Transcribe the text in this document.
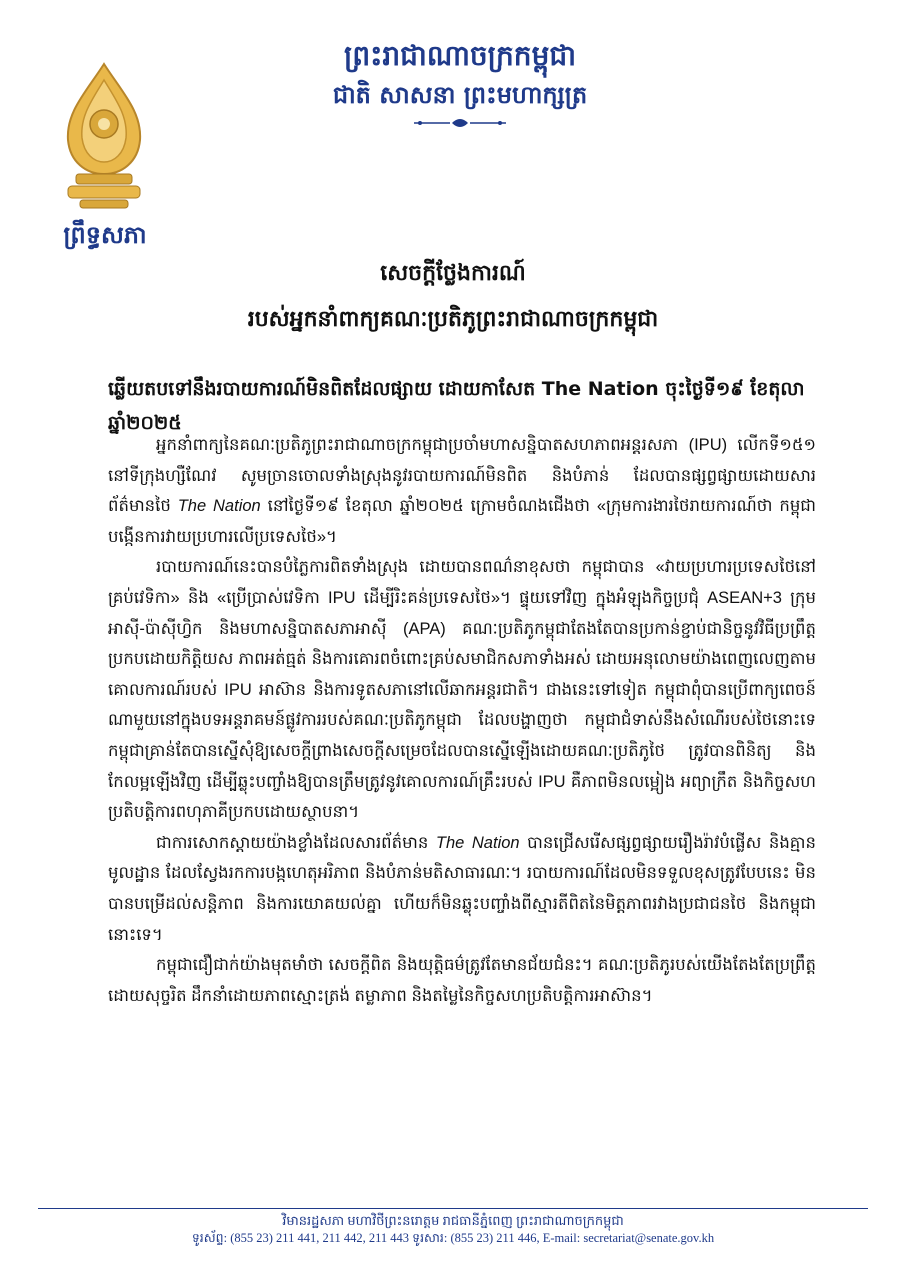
ព្រឹទ្ធសភា
ព្រះរាជាណាចក្រកម្ពុជា
ជាតិ សាសនា ព្រះមហាក្សត្រ
សេចក្តីថ្លែងការណ៍
របស់អ្នកនាំពាក្យគណៈប្រតិភូព្រះរាជាណាចក្រកម្ពុជា
ឆ្លើយតបទៅនឹងរបាយការណ៍មិនពិតដែលផ្សាយ ដោយកាសែត The Nation ចុះថ្ងៃទី១៩ ខែតុលា ឆ្នាំ២០២៥

អ្នកនាំពាក្យនៃគណៈប្រតិភូព្រះរាជាណាចក្រកម្ពុជាប្រចាំមហាសន្និបាតសហភាពអន្តរសភា (IPU) លើកទី១៥១ នៅទីក្រុងហ្សឺណែវ សូមច្រានចោលទាំងស្រុងនូវរបាយការណ៍មិនពិត និងបំភាន់ ដែលបានផ្សព្វផ្សាយដោយសារព័ត៌មានថៃ The Nation នៅថ្ងៃទី១៩ ខែតុលា ឆ្នាំ២០២៥ ក្រោមចំណងជើងថា «ក្រុមការងារថៃរាយការណ៍ថា កម្ពុជាបង្កើនការវាយប្រហារលើប្រទេសថៃ»។

របាយការណ៍នេះបានបំភ្លៃការពិតទាំងស្រុង ដោយបានពណ៌នាខុសថា កម្ពុជាបាន «វាយប្រហារប្រទេសថៃនៅគ្រប់វេទិកា» និង «ប្រើប្រាស់វេទិកា IPU ដើម្បីរិះគន់ប្រទេសថៃ»។ ផ្ទុយទៅវិញ ក្នុងអំឡុងកិច្ចប្រជុំ ASEAN+3 ក្រុមអាស៊ី-ប៉ាស៊ីហ្វិក និងមហាសន្និបាតសភាអាស៊ី (APA) គណៈប្រតិភូកម្ពុជាតែងតែបានប្រកាន់ខ្ជាប់ជានិច្ចនូវវិធីប្រព្រឹត្តប្រកបដោយកិត្តិយស ភាពអត់ធ្មត់ និងការគោរពចំពោះគ្រប់សមាជិកសភាទាំងអស់ ដោយអនុលោមយ៉ាងពេញលេញតាមគោលការណ៍របស់ IPU អាស៊ាន និងការទូតសភានៅលើឆាកអន្តរជាតិ។ ជាងនេះទៅទៀត កម្ពុជាពុំបានប្រើពាក្យពេចន៍ណាមួយនៅក្នុងបទអន្តរាគមន៍ផ្លូវការរបស់គណៈប្រតិភូកម្ពុជា ដែលបង្ហាញថា កម្ពុជាជំទាស់នឹងសំណើរបស់ថៃនោះទេ កម្ពុជាគ្រាន់តែបានស្នើសុំឱ្យសេចក្តីព្រាងសេចក្តីសម្រេចដែលបានស្នើឡើងដោយគណៈប្រតិភូថៃ ត្រូវបានពិនិត្យ និងកែលម្អឡើងវិញ ដើម្បីឆ្លុះបញ្ចាំងឱ្យបានត្រឹមត្រូវនូវគោលការណ៍គ្រឹះរបស់ IPU គឺភាពមិនលម្អៀង អព្យាក្រឹត និងកិច្ចសហប្រតិបត្តិការពហុភាគីប្រកបដោយស្ថាបនា។

ជាការសោកស្តាយយ៉ាងខ្លាំងដែលសារព័ត៌មាន The Nation បានជ្រើសរើសផ្សព្វផ្សាយរឿងរ៉ាវបំផ្លើស និងគ្មានមូលដ្ឋាន ដែលស្វែងរកការបង្កហេតុអរិភាព និងបំភាន់មតិសាធារណៈ។ របាយការណ៍ដែលមិនទទួលខុសត្រូវបែបនេះ មិនបានបម្រើដល់សន្តិភាព និងការយោគយល់គ្នា ហើយក៏មិនឆ្លុះបញ្ចាំងពីស្មារតីពិតនៃមិត្តភាពរវាងប្រជាជនថៃ និងកម្ពុជា នោះទេ។

កម្ពុជាជឿជាក់យ៉ាងមុតមាំថា សេចក្តីពិត និងយុត្តិធម៌ត្រូវតែមានជ័យជំនះ។ គណៈប្រតិភូរបស់យើងតែងតែប្រព្រឹត្តដោយសុច្ចរិត ដឹកនាំដោយភាពស្មោះត្រង់ តម្លាភាព និងតម្លៃនៃកិច្ចសហប្រតិបត្តិការអាស៊ាន។

វិមានរដ្ឋសភា មហាវិថីព្រះនរោត្តម រាជធានីភ្នំពេញ ព្រះរាជាណាចក្រកម្ពុជា
ទូរស័ព្ទ: (855 23) 211 441, 211 442, 211 443 ទូរសារ: (855 23) 211 446, E-mail: secretariat@senate.gov.kh
